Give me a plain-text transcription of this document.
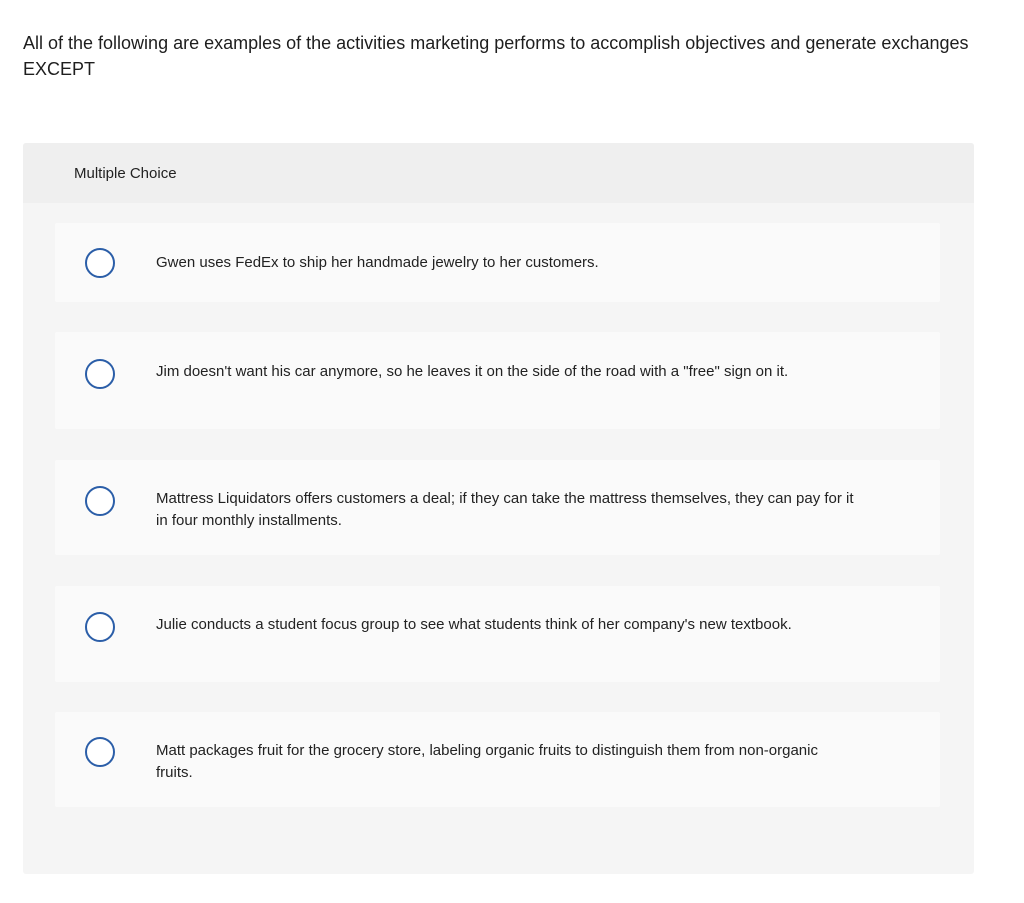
All of the following are examples of the activities marketing performs to accomplish objectives and generate exchanges EXCEPT

Multiple Choice
Gwen uses FedEx to ship her handmade jewelry to her customers.
Jim doesn't want his car anymore, so he leaves it on the side of the road with a "free" sign on it.
Mattress Liquidators offers customers a deal; if they can take the mattress themselves, they can pay for it in four monthly installments.
Julie conducts a student focus group to see what students think of her company's new textbook.
Matt packages fruit for the grocery store, labeling organic fruits to distinguish them from non-organic fruits.
